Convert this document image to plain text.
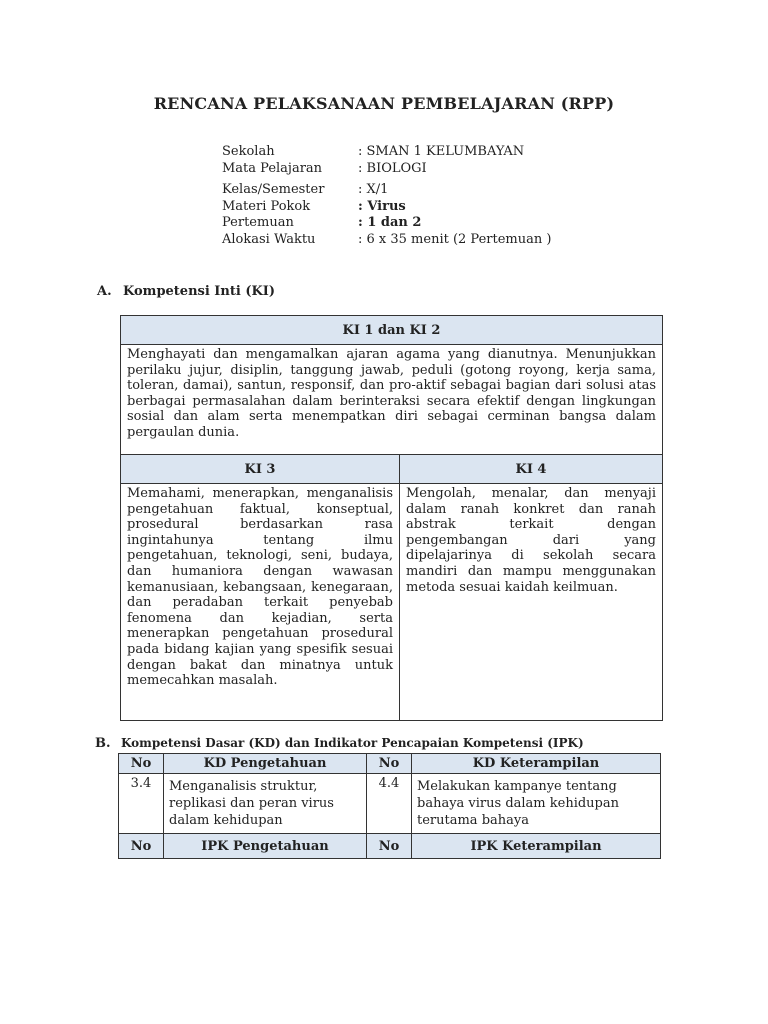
RENCANA PELAKSANAAN PEMBELAJARAN (RPP)
Sekolah	: SMAN 1 KELUMBAYAN
Mata Pelajaran	: BIOLOGI
Kelas/Semester	: X/1
Materi Pokok	: Virus
Pertemuan	: 1 dan 2
Alokasi Waktu	: 6 x 35 menit (2 Pertemuan )
A. Kompetensi Inti (KI)
KI 1 dan KI 2	
Menghayati dan mengamalkan ajaran agama yang dianutnya. Menunjukkan perilaku jujur, disiplin, tanggung jawab, peduli (gotong royong, kerja sama, toleran, damai), santun, responsif, dan pro-aktif sebagai bagian dari solusi atas berbagai permasalahan dalam berinteraksi secara efektif dengan lingkungan sosial dan alam serta menempatkan diri sebagai cerminan bangsa dalam pergaulan dunia.	
KI 3	KI 4
Memahami, menerapkan, menganalisis pengetahuan faktual, konseptual, prosedural berdasarkan rasa ingintahunya tentang ilmu pengetahuan, teknologi, seni, budaya, dan humaniora dengan wawasan kemanusiaan, kebangsaan, kenegaraan, dan peradaban terkait penyebab fenomena dan kejadian, serta menerapkan pengetahuan prosedural pada bidang kajian yang spesifik sesuai dengan bakat dan minatnya untuk memecahkan masalah.	Mengolah, menalar, dan menyaji dalam ranah konkret dan ranah abstrak terkait dengan pengembangan dari yang dipelajarinya di sekolah secara mandiri dan mampu menggunakan metoda sesuai kaidah keilmuan.
B. Kompetensi Dasar (KD) dan Indikator Pencapaian Kompetensi (IPK)
No	KD Pengetahuan	No	KD Keterampilan
3.4	Menganalisis struktur, replikasi dan peran virus dalam kehidupan	4.4	Melakukan kampanye tentang bahaya virus dalam kehidupan terutama bahaya
No	IPK Pengetahuan	No	IPK Keterampilan
